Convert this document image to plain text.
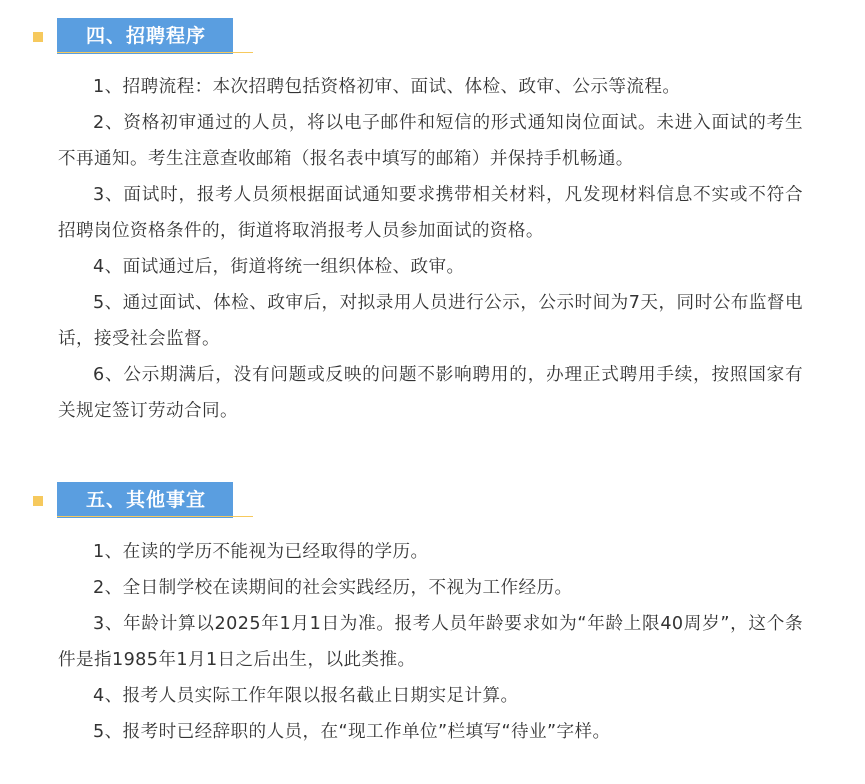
四、招聘程序

1、招聘流程：本次招聘包括资格初审、面试、体检、政审、公示等流程。

2、资格初审通过的人员，将以电子邮件和短信的形式通知岗位面试。未进入面试的考生不再通知。考生注意查收邮箱（报名表中填写的邮箱）并保持手机畅通。

3、面试时，报考人员须根据面试通知要求携带相关材料，凡发现材料信息不实或不符合招聘岗位资格条件的，街道将取消报考人员参加面试的资格。

4、面试通过后，街道将统一组织体检、政审。

5、通过面试、体检、政审后，对拟录用人员进行公示，公示时间为7天，同时公布监督电话，接受社会监督。

6、公示期满后，没有问题或反映的问题不影响聘用的，办理正式聘用手续，按照国家有关规定签订劳动合同。

五、其他事宜

1、在读的学历不能视为已经取得的学历。

2、全日制学校在读期间的社会实践经历，不视为工作经历。

3、年龄计算以2025年1月1日为准。报考人员年龄要求如为“年龄上限40周岁”，这个条件是指1985年1月1日之后出生，以此类推。

4、报考人员实际工作年限以报名截止日期实足计算。

5、报考时已经辞职的人员，在“现工作单位”栏填写“待业”字样。
